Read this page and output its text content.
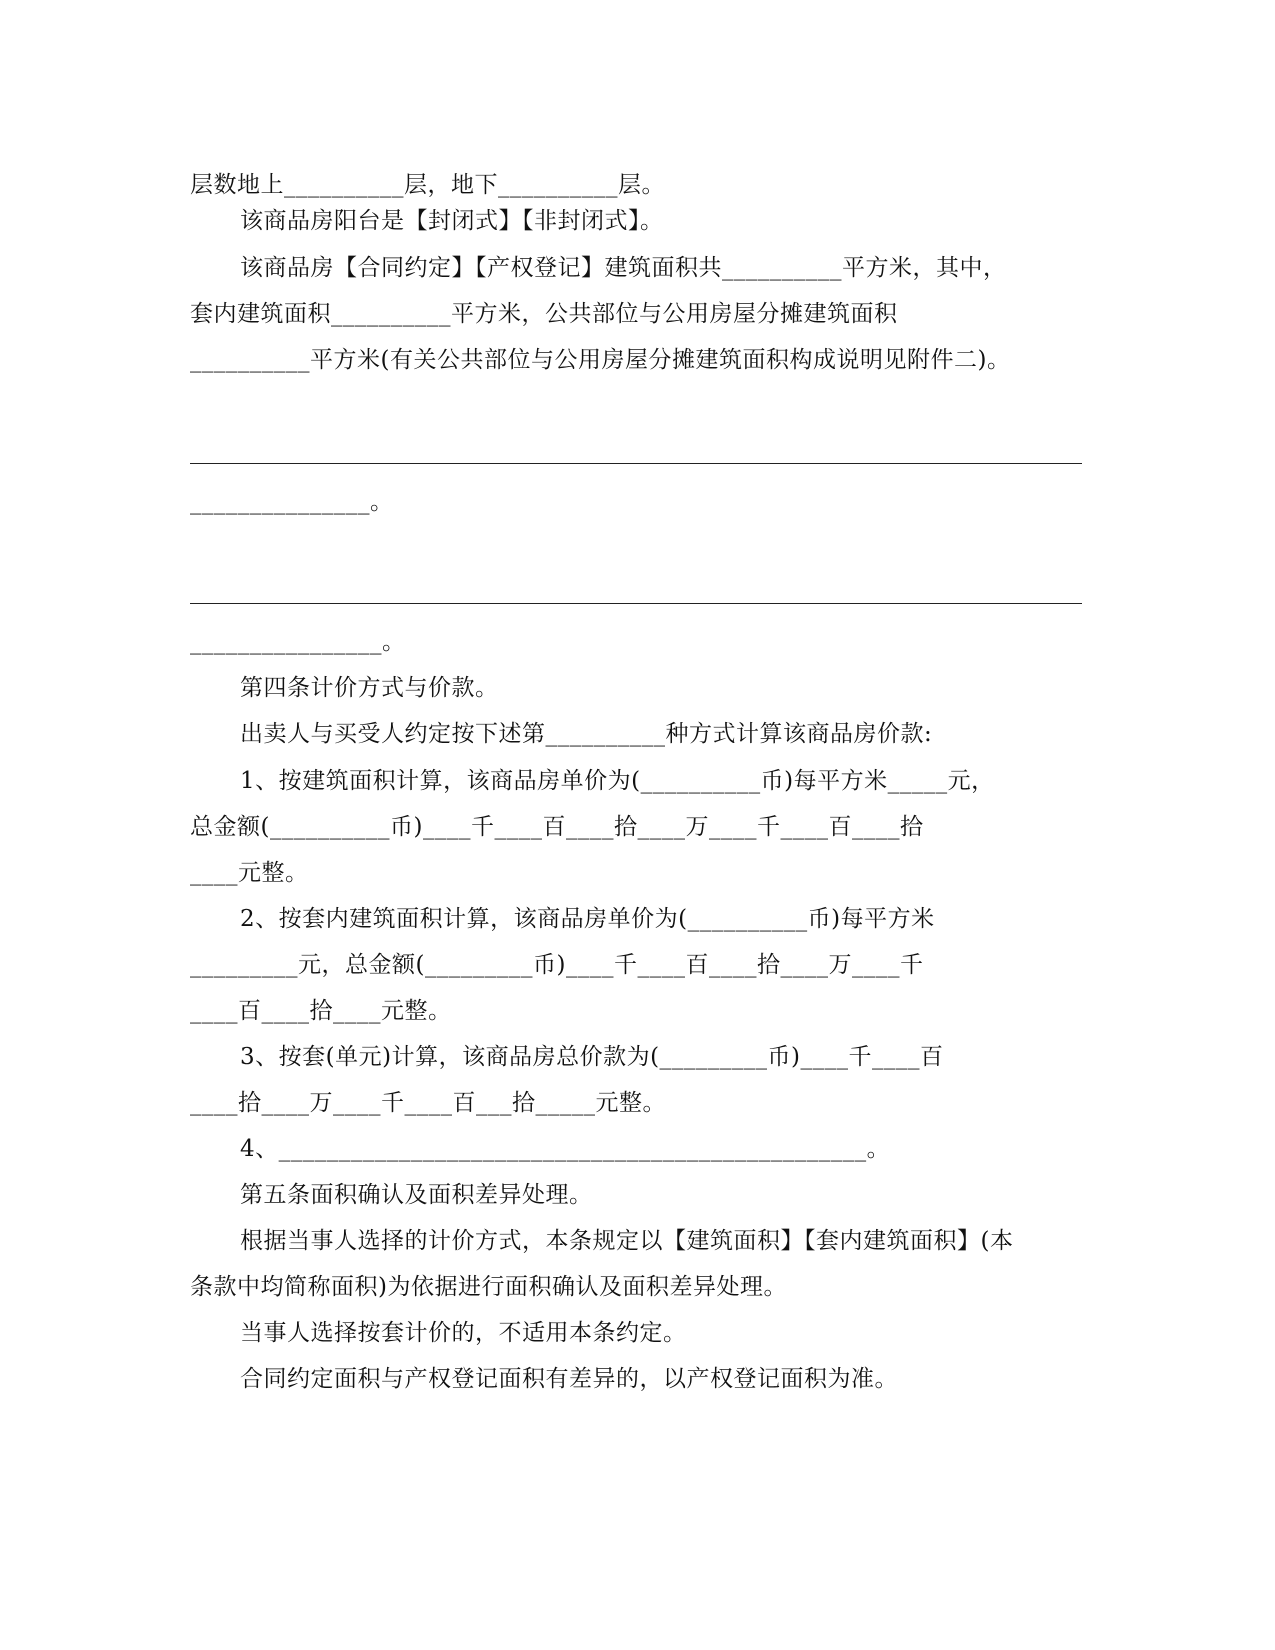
层数地上__________层，地下__________层。
该商品房阳台是【封闭式】【非封闭式】。
该商品房【合同约定】【产权登记】建筑面积共__________平方米，其中，
套内建筑面积__________平方米，公共部位与公用房屋分摊建筑面积
__________平方米(有关公共部位与公用房屋分摊建筑面积构成说明见附件二)。
_______________。
________________。
第四条计价方式与价款。
出卖人与买受人约定按下述第__________种方式计算该商品房价款:
1、按建筑面积计算，该商品房单价为(__________币)每平方米_____元，
总金额(__________币)____千____百____拾____万____千____百____拾
____元整。
2、按套内建筑面积计算，该商品房单价为(__________币)每平方米
_________元，总金额(_________币)____千____百____拾____万____千
____百____拾____元整。
3、按套(单元)计算，该商品房总价款为(_________币)____千____百
____拾____万____千____百___拾_____元整。
4、_________________________________________________。
第五条面积确认及面积差异处理。
根据当事人选择的计价方式，本条规定以【建筑面积】【套内建筑面积】(本
条款中均简称面积)为依据进行面积确认及面积差异处理。
当事人选择按套计价的，不适用本条约定。
合同约定面积与产权登记面积有差异的，以产权登记面积为准。
